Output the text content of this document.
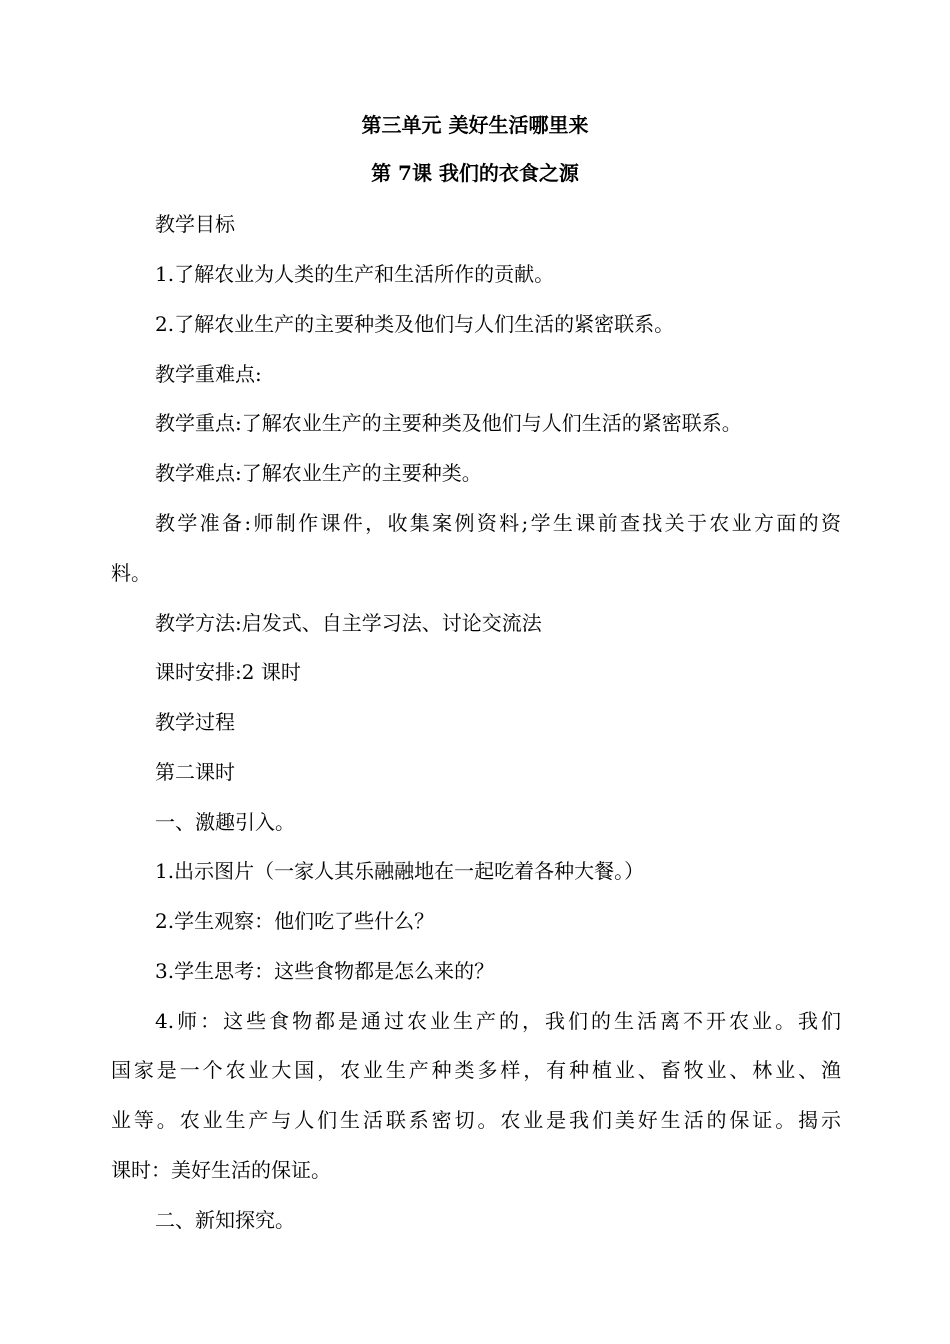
第三单元 美好生活哪里来
第 7课 我们的衣食之源
教学目标
1.了解农业为人类的生产和生活所作的贡献。
2.了解农业生产的主要种类及他们与人们生活的紧密联系。
教学重难点:
教学重点:了解农业生产的主要种类及他们与人们生活的紧密联系。
教学难点:了解农业生产的主要种类。
教学准备:师制作课件，收集案例资料;学生课前查找关于农业方面的资
料。
教学方法:启发式、自主学习法、讨论交流法
课时安排:2 课时
教学过程
第二课时
一、激趣引入。
1.出示图片（一家人其乐融融地在一起吃着各种大餐。）
2.学生观察：他们吃了些什么？
3.学生思考：这些食物都是怎么来的？
4.师：这些食物都是通过农业生产的，我们的生活离不开农业。我们
国家是一个农业大国，农业生产种类多样，有种植业、畜牧业、林业、渔
业等。农业生产与人们生活联系密切。农业是我们美好生活的保证。揭示
课时：美好生活的保证。
二、新知探究。
